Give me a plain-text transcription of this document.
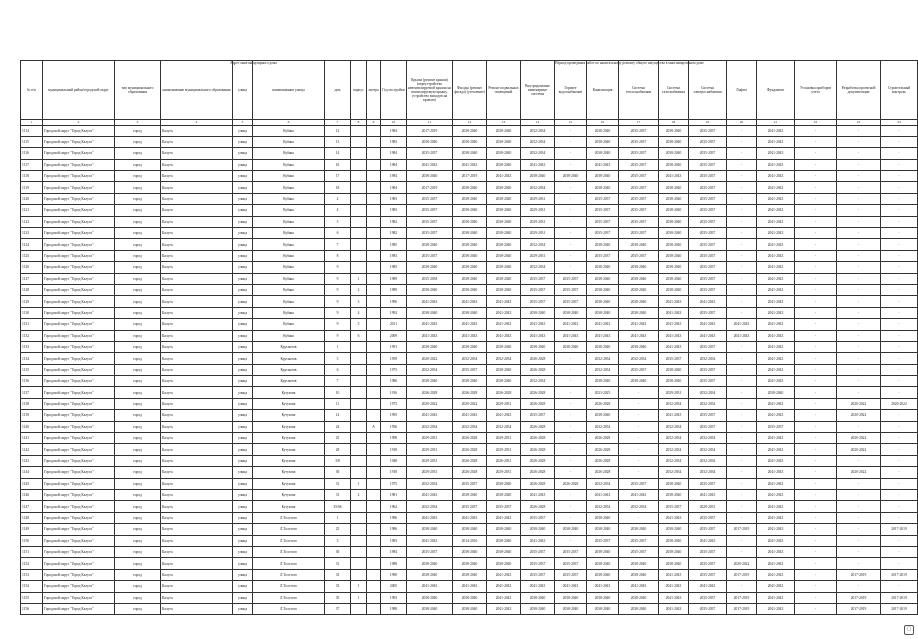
Адрес многоквартирного дома	Период проведения работ по капитальному ремонту общего имущества в многоквартирном доме
№ п/п	муниципальный район/городской округ	тип муниципального образования	наименование муниципального образования	улица	наименование улицы	дом	корпус	литера	Год постройки	Крыша (ремонт крыши) (переустройство невентилируемой крыши на вентилируемую крышу, устройство выходов на кровлю)	Фасады (ремонт фасада) (утепление)	Ремонт подвальных помещений	Внутридомовые инженерные системы	Горячее водоснабжение	Канализация	Система теплоснабжения	Система газоснабжения	Система электроснабжения	Лифты	Фундамент	Установка приборов учета	Разработка проектной документации	Строительный контроль
1	2	3	4	5	6	7	8	9	10	11	12	13	14	15	16	17	18	19	20	21	22	23	24
1114	Городской округ "Город Калуга"	город	Калуга	улица	Кубяка	12			1984	2017-2019	2038-2040	2038-2040	2032-2034	-	2038-2040	2035-2037	2038-2040	2035-2037	-	2041-2043	-	-	-
1115	Городской округ "Город Калуга"	город	Калуга	улица	Кубяка	13			1983	2038-2040	2038-2040	2038-2040	2032-2034	-	2038-2040	2035-2037	2038-2040	2035-2037	-	2041-2043	-	-	-
1116	Городской округ "Город Калуга"	город	Калуга	улица	Кубяка	14			1984	2035-2037	2038-2040	2038-2040	2032-2034	-	2038-2040	2035-2037	2038-2040	2035-2037	-	2041-2043	-	-	-
1117	Городской округ "Город Калуга"	город	Калуга	улица	Кубяка	16			1984	2041-2043	2041-2043	2038-2040	2041-2043	-	2041-2043	2035-2037	2038-2040	2035-2037	-	2041-2043	-	-	-
1118	Городской округ "Город Калуга"	город	Калуга	улица	Кубяка	17			1984	2038-2040	2017-2019	2041-2043	2038-2040	2038-2040	2038-2040	2035-2037	2041-2043	2035-2037	-	2041-2043	-	-	-
1119	Городской округ "Город Калуга"	город	Калуга	улица	Кубяка	18			1984	2017-2019	2038-2040	2038-2040	2032-2034	-	2038-2040	2035-2037	2038-2040	2035-2037	-	2041-2043	-	-	-
1120	Городской округ "Город Калуга"	город	Калуга	улица	Кубяка	2			1983	2035-2037	2038-2040	2038-2040	2029-2031	-	2035-2037	2035-2037	2038-2040	2035-2037	-	2041-2043	-	-	-
1121	Городской округ "Город Калуга"	город	Калуга	улица	Кубяка	4			1983	2035-2037	2038-2040	2038-2040	2029-2031	-	2035-2037	2035-2037	2038-2040	2035-2037	-	2041-2043	-	-	-
1122	Городской округ "Город Калуга"	город	Калуга	улица	Кубяка	5			1982	2035-2037	2038-2040	2038-2040	2029-2031	-	2035-2037	2035-2037	2038-2040	2035-2037	-	2041-2043	-	-	-
1123	Городской округ "Город Калуга"	город	Калуга	улица	Кубяка	6			1982	2035-2037	2038-2040	2038-2040	2029-2031	-	2035-2037	2035-2037	2038-2040	2035-2037	-	2041-2043	-	-	-
1124	Городской округ "Город Калуга"	город	Калуга	улица	Кубяка	7			1985	2038-2040	2038-2040	2038-2040	2032-2034	-	2038-2040	2038-2040	2038-2040	2035-2037	-	2041-2043	-	-	-
1125	Городской округ "Город Калуга"	город	Калуга	улица	Кубяка	8			1983	2035-2037	2038-2040	2038-2040	2029-2031	-	2035-2037	2035-2037	2038-2040	2035-2037	-	2041-2043	-	-	-
1126	Городской округ "Город Калуга"	город	Калуга	улица	Кубяка	9			1985	2038-2040	2038-2040	2038-2040	2032-2034	-	2038-2040	2038-2040	2038-2040	2035-2037	-	2041-2043	-	-	-
1127	Городской округ "Город Калуга"	город	Калуга	улица	Кубяка	9	1		1989	2035-2038	2038-2040	2038-2040	2035-2037	2035-2037	2038-2040	2038-2040	2038-2040	2035-2037	-	2041-2043	-	-	-
1128	Городской округ "Город Калуга"	город	Калуга	улица	Кубяка	9	2		1989	2038-2040	2038-2040	2038-2040	2035-2037	2035-2037	2038-2040	2038-2040	2038-2040	2035-2037	-	2041-2043	-	-	-
1129	Городской округ "Город Калуга"	город	Калуга	улица	Кубяка	9	3		1990	2041-2043	2041-2043	2041-2043	2035-2037	2035-2037	2038-2040	2038-2040	2041-2043	2041-2043	-	2041-2043	-	-	-
1130	Городской округ "Город Калуга"	город	Калуга	улица	Кубяка	9	4		1992	2038-2040	2038-2040	2041-2043	2038-2040	2038-2040	2038-2040	2038-2040	2041-2043	2035-2037	-	2041-2043	-	-	-
1131	Городской округ "Город Калуга"	город	Калуга	улица	Кубяка	9	5		2011	2041-2043	2041-2043	2041-2043	2041-2043	2041-2043	2041-2043	2041-2043	2041-2043	2041-2043	2041-2043	2041-2043	-	-	-
1132	Городской округ "Город Калуга"	город	Калуга	улица	Кубяка	9	6		2009	2041-2043	2041-2043	2041-2043	2041-2043	2041-2043	2041-2043	2041-2043	2041-2043	2041-2043	2041-2043	2041-2043	-	-	-
1133	Городской округ "Город Калуга"	город	Калуга	улица	Курсантов	1			1991	2038-2040	2038-2040	2038-2040	2038-2040	2038-2040	2038-2040	2038-2040	2041-2043	2035-2037	-	2041-2043	-	-	-
1134	Городской округ "Город Калуга"	город	Калуга	улица	Курсантов	5			1959	2020-2022	2032-2034	2032-2034	2026-2028	-	2032-2034	2032-2034	2035-2037	2032-2034	-	2041-2043	-	-	-
1135	Городской округ "Город Калуга"	город	Калуга	улица	Курсантов	6			1973	2032-2034	2035-2037	2038-2040	2026-2028	-	2032-2034	2035-2037	2038-2040	2035-2037	-	2041-2043	-	-	-
1136	Городской округ "Город Калуга"	город	Калуга	улица	Курсантов	7			1986	2038-2040	2038-2040	2038-2040	2032-2034	-	2038-2040	2038-2040	2038-2040	2035-2037	-	2041-2043	-	-	-
1137	Городской округ "Город Калуга"	город	Калуга	улица	Кутузова	10			1916	2026-2028	2026-2028	2026-2028	2026-2028	-	2023-2025	-	2029-2031	2032-2034	-	2038-2040	-	-	-
1138	Городской округ "Город Калуга"	город	Калуга	улица	Кутузова	11			1973	2020-2022	2020-2022	2029-2031	2026-2028	-	2026-2028	-	2032-2034	2032-2034	-	2041-2043	-	2020-2022	2020-2022
1139	Городской округ "Город Калуга"	город	Калуга	улица	Кутузова	14			1995	2041-2043	2041-2043	2041-2043	2035-2037	-	2038-2040	-	2041-2043	2035-2037	-	2041-2043	-	2020-2022	-
1140	Городской округ "Город Калуга"	город	Калуга	улица	Кутузова	24		А	1956	2032-2034	2032-2034	2032-2034	2026-2028	-	2032-2034	-	2032-2034	2035-2037	-	2035-2037	-	-	-
1141	Городской округ "Город Калуга"	город	Калуга	улица	Кутузова	25			1998	2029-2031	2026-2028	2029-2031	2026-2028	-	2026-2028	-	2032-2034	2032-2034	-	2041-2043	-	2020-2022	-
1142	Городской округ "Город Калуга"	город	Калуга	улица	Кутузова	28			1918	2029-2031	2026-2028	2029-2031	2026-2028	-	2026-2028	-	2032-2034	2032-2034	-	2041-2043	-	2020-2022	-
1143	Городской округ "Город Калуга"	город	Калуга	улица	Кутузова	3/8			1948	2029-2031	2026-2028	2026-2031	2026-2028	-	2026-2028	-	2032-2034	2032-2034	-	2041-2043	-	-	-
1144	Городской округ "Город Калуга"	город	Калуга	улица	Кутузова	30			1918	2029-2031	2026-2028	2029-2031	2026-2028	-	2026-2028	-	2032-2034	2032-2034	-	2041-2043	-	2020-2022	-
1145	Городской округ "Город Калуга"	город	Калуга	улица	Кутузова	31	1		1975	2032-2034	2035-2037	2038-2040	2026-2028	2026-2028	2032-2034	2035-2037	2038-2040	2035-2037	-	2041-2043	-	-	-
1146	Городской округ "Город Калуга"	город	Калуга	улица	Кутузова	31	2		1981	2041-2043	2038-2040	2038-2040	2041-2043	-	2041-2043	2041-2043	2038-2040	2041-2043	-	2041-2043	-	-	-
1147	Городской округ "Город Калуга"	город	Калуга	улица	Кутузова	35/66			1962	2032-2034	2035-2037	2035-2037	2026-2028	-	2032-2034	2032-2034	2035-2037	2029-2031	-	2041-2043	-	-	-
1148	Городской округ "Город Калуга"	город	Калуга	улица	Л.Толстого	1			1996	2041-2043	2041-2043	2041-2043	2035-2037	-	2038-2040	-	2041-2043	2035-2037	-	2041-2043	-	-	-
1149	Городской округ "Город Калуга"	город	Калуга	улица	Л.Толстого	25			1986	2038-2040	2038-2040	2038-2040	2038-2040	2038-2040	2038-2040	2038-2040	2038-2040	2035-2037	2017-2019	2041-2043	-	-	2017-2019
1150	Городской округ "Город Калуга"	город	Калуга	улица	Л.Толстого	3			1983	2041-2043	2014-2016	2038-2040	2041-2043	-	2035-2037	2035-2037	2038-2040	2041-2043	-	2041-2043	-	-	-
1151	Городской округ "Город Калуга"	город	Калуга	улица	Л.Толстого	30			1984	2035-2037	2038-2040	2038-2040	2035-2037	2035-2037	2038-2040	2035-2037	2038-2040	2035-2037	-	2041-2043	-	-	-
1152	Городской округ "Город Калуга"	город	Калуга	улица	Л.Толстого	31			1988	2038-2040	2038-2040	2038-2040	2035-2037	2035-2037	2038-2040	2038-2040	2038-2040	2035-2037	2020-2022	2041-2043	-	-	-
1153	Городской округ "Город Калуга"	город	Калуга	улица	Л.Толстого	33			1990	2038-2040	2038-2040	2041-2043	2035-2037	2035-2037	2038-2040	2038-2040	2041-2043	2035-2037	2017-2019	2041-2043	-	2017-2019	2017-2019
1154	Городской округ "Город Калуга"	город	Калуга	улица	Л.Толстого	33	1		2005	2041-2043	2041-2043	2041-2043	2041-2043	2041-2043	2041-2043	2041-2043	2041-2043	2041-2043	-	2041-2043	-	-	-
1155	Городской округ "Город Калуга"	город	Калуга	улица	Л.Толстого	35	1		1993	2038-2040	2038-2040	2041-2043	2038-2040	2038-2040	2038-2040	2038-2040	2041-2043	2035-2037	2017-2019	2041-2043	-	2017-2019	2017-2019
1156	Городской округ "Город Калуга"	город	Калуга	улица	Л.Толстого	37			1988	2038-2040	2038-2040	2041-2043	2038-2040	2038-2040	2038-2040	2038-2040	2041-2043	2035-2037	2017-2019	2041-2043	-	2017-2019	2017-2019
▢
